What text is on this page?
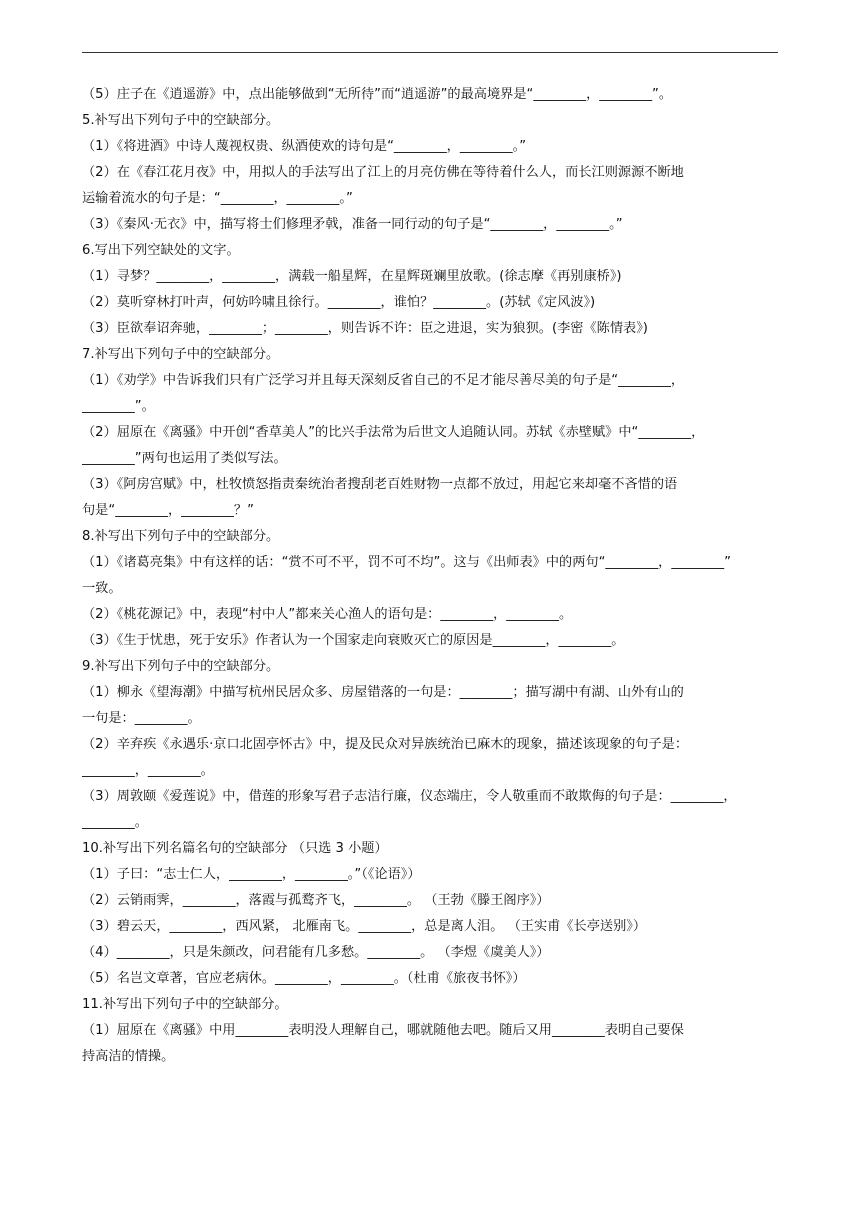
（5）庄子在《逍遥游》中，点出能够做到“无所待”而“逍遥游”的最高境界是“________，________”。
5.补写出下列句子中的空缺部分。
（1）《将进酒》中诗人蔑视权贵、纵酒使欢的诗句是“________，________。”
（2）在《春江花月夜》中，用拟人的手法写出了江上的月亮仿佛在等待着什么人，而长江则源源不断地
运输着流水的句子是：“________，________。”
（3）《秦风·无衣》中，描写将士们修理矛戟，准备一同行动的句子是“________，________。”
6.写出下列空缺处的文字。
（1）寻梦？________，________，满载一船星辉，在星辉斑斓里放歌。(徐志摩《再别康桥》)
（2）莫听穿林打叶声，何妨吟啸且徐行。________，谁怕？________。(苏轼《定风波》)
（3）臣欲奉诏奔驰，________；________，则告诉不许：臣之进退，实为狼狈。(李密《陈情表》)
7.补写出下列句子中的空缺部分。
（1）《劝学》中告诉我们只有广泛学习并且每天深刻反省自己的不足才能尽善尽美的句子是“________，
________”。
（2）屈原在《离骚》中开创“香草美人”的比兴手法常为后世文人追随认同。苏轼《赤壁赋》中“________，
________”两句也运用了类似写法。
（3）《阿房宫赋》中，杜牧愤怒指责秦统治者搜刮老百姓财物一点都不放过，用起它来却毫不吝惜的语
句是“________，________？”
8.补写出下列句子中的空缺部分。
（1）《诸葛亮集》中有这样的话：“赏不可不平，罚不可不均”。这与《出师表》中的两句“________，________”
一致。
（2）《桃花源记》中，表现“村中人”都来关心渔人的语句是：________，________。
（3）《生于忧患，死于安乐》作者认为一个国家走向衰败灭亡的原因是________，________。
9.补写出下列句子中的空缺部分。
（1）柳永《望海潮》中描写杭州民居众多、房屋错落的一句是：________；描写湖中有湖、山外有山的
一句是：________。
（2）辛弃疾《永遇乐·京口北固亭怀古》中，提及民众对异族统治已麻木的现象，描述该现象的句子是：
________，________。
（3）周敦颐《爱莲说》中，借莲的形象写君子志洁行廉，仪态端庄，令人敬重而不敢欺侮的句子是：________，
________。
10.补写出下列名篇名句的空缺部分 （只选 3 小题）
（1）子曰：“志士仁人，________，________。”（《论语》）
（2）云销雨霁，________，落霞与孤鹜齐飞，________。 （王勃《滕王阁序》）
（3）碧云天，________，西风紧， 北雁南飞。________，总是离人泪。 （王实甫《长亭送别》）
（4）________，只是朱颜改，问君能有几多愁。________。 （李煜《虞美人》）
（5）名岂文章著，官应老病休。________，________。（杜甫《旅夜书怀》）
11.补写出下列句子中的空缺部分。
（1）屈原在《离骚》中用________表明没人理解自己，哪就随他去吧。随后又用________表明自己要保
持高洁的情操。
